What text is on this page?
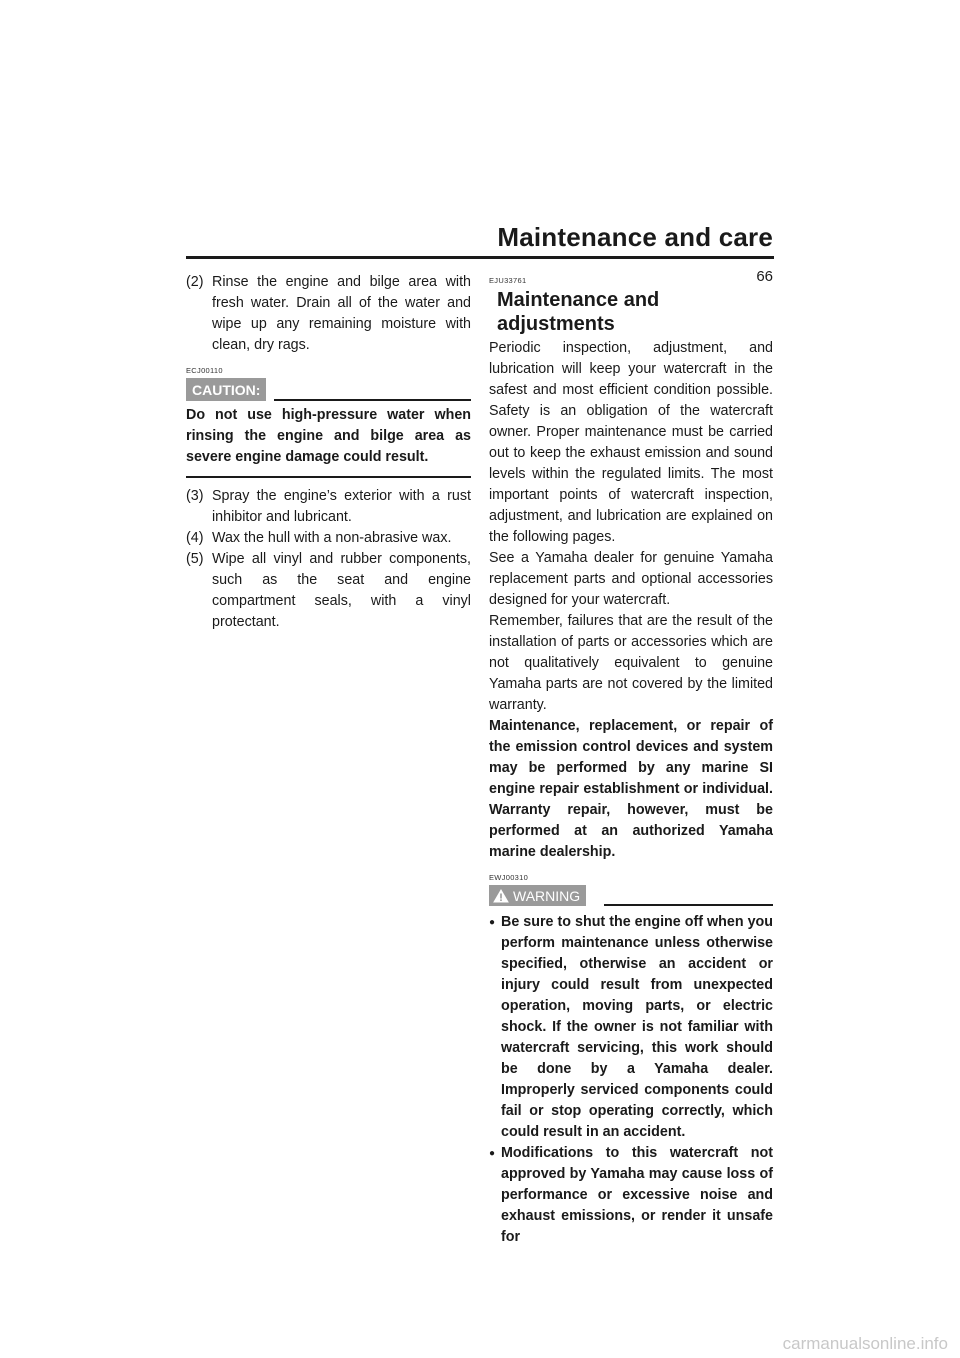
Maintenance and care
66
(2) Rinse the engine and bilge area with fresh water. Drain all of the water and wipe up any remaining moisture with clean, dry rags.
ECJ00110
CAUTION:
Do not use high-pressure water when rinsing the engine and bilge area as severe engine damage could result.
(3) Spray the engine’s exterior with a rust inhibitor and lubricant.
(4) Wax the hull with a non-abrasive wax.
(5) Wipe all vinyl and rubber components, such as the seat and engine compartment seals, with a vinyl protectant.
EJU33761
Maintenance and adjustments

Periodic inspection, adjustment, and lubrication will keep your watercraft in the safest and most efficient condition possible. Safety is an obligation of the watercraft owner. Proper maintenance must be carried out to keep the exhaust emission and sound levels within the regulated limits. The most important points of watercraft inspection, adjustment, and lubrication are explained on the following pages.

See a Yamaha dealer for genuine Yamaha replacement parts and optional accessories designed for your watercraft.

Remember, failures that are the result of the installation of parts or accessories which are not qualitatively equivalent to genuine Yamaha parts are not covered by the limited warranty.

Maintenance, replacement, or repair of the emission control devices and system may be performed by any marine SI engine repair establishment or individual. Warranty repair, however, must be performed at an authorized Yamaha marine dealership.

EWJ00310
WARNING
● Be sure to shut the engine off when you perform maintenance unless otherwise specified, otherwise an accident or injury could result from unexpected operation, moving parts, or electric shock. If the owner is not familiar with watercraft servicing, this work should be done by a Yamaha dealer. Improperly serviced components could fail or stop operating correctly, which could result in an accident.
● Modifications to this watercraft not approved by Yamaha may cause loss of performance or excessive noise and exhaust emissions, or render it unsafe for
carmanualsonline.info
